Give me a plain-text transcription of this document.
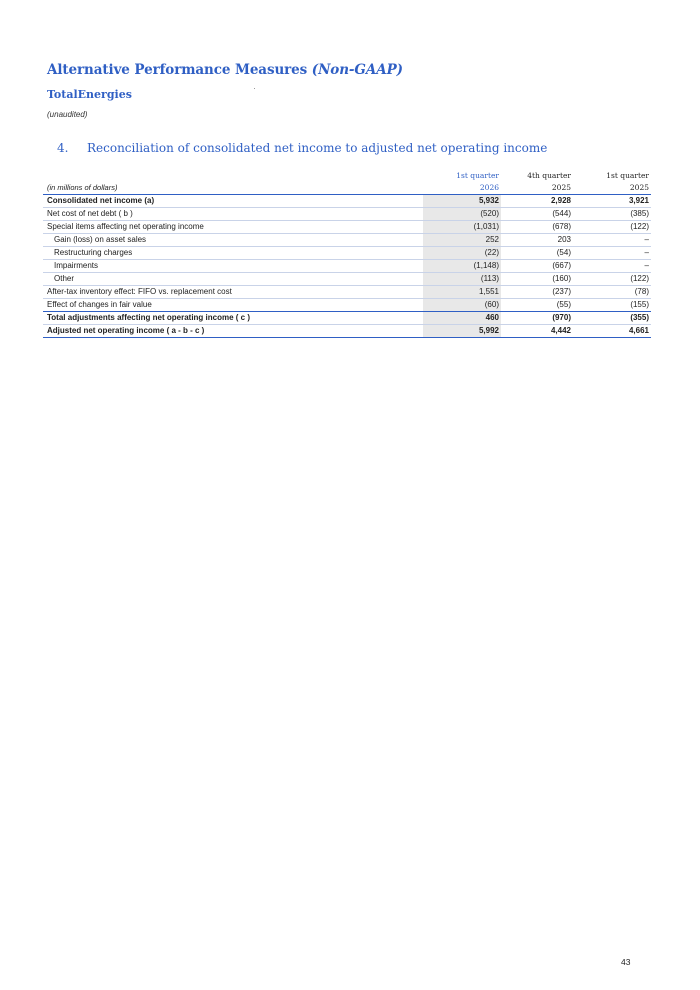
Alternative Performance Measures (Non-GAAP)
TotalEnergies
(unaudited)
4. Reconciliation of consolidated net income to adjusted net operating income
	1st quarter	4th quarter	1st quarter
(in millions of dollars)	2026	2025	2025
Consolidated net income (a)	5,932	2,928	3,921
Net cost of net debt ( b )	(520)	(544)	(385)
Special items affecting net operating income	(1,031)	(678)	(122)
Gain (loss) on asset sales	252	203	–
Restructuring charges	(22)	(54)	–
Impairments	(1,148)	(667)	–
Other	(113)	(160)	(122)
After-tax inventory effect: FIFO vs. replacement cost	1,551	(237)	(78)
Effect of changes in fair value	(60)	(55)	(155)
Total adjustments affecting net operating income ( c )	460	(970)	(355)
Adjusted net operating income ( a - b - c )	5,992	4,442	4,661
43
